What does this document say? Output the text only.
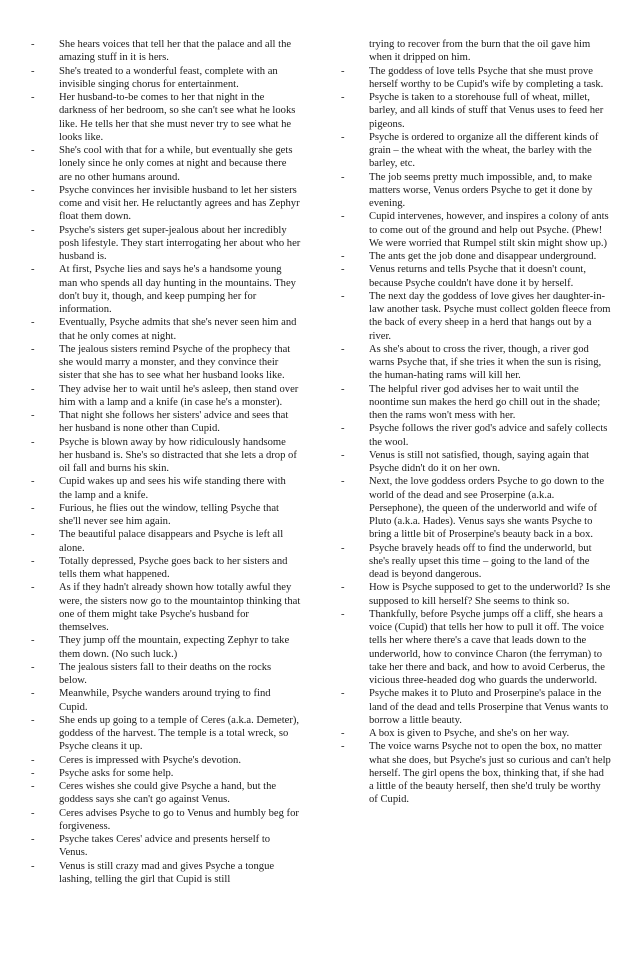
- She hears voices that tell her that the palace and all the amazing stuff in it is hers.
- She's treated to a wonderful feast, complete with an invisible singing chorus for entertainment.
- Her husband-to-be comes to her that night in the darkness of her bedroom, so she can't see what he looks like. He tells her that she must never try to see what he looks like.
- She's cool with that for a while, but eventually she gets lonely since he only comes at night and because there are no other humans around.
- Psyche convinces her invisible husband to let her sisters come and visit her. He reluctantly agrees and has Zephyr float them down.
- Psyche's sisters get super-jealous about her incredibly posh lifestyle. They start interrogating her about who her husband is.
- At first, Psyche lies and says he's a handsome young man who spends all day hunting in the mountains. They don't buy it, though, and keep pumping her for information.
- Eventually, Psyche admits that she's never seen him and that he only comes at night.
- The jealous sisters remind Psyche of the prophecy that she would marry a monster, and they convince their sister that she has to see what her husband looks like.
- They advise her to wait until he's asleep, then stand over him with a lamp and a knife (in case he's a monster).
- That night she follows her sisters' advice and sees that her husband is none other than Cupid.
- Psyche is blown away by how ridiculously handsome her husband is. She's so distracted that she lets a drop of oil fall and burns his skin.
- Cupid wakes up and sees his wife standing there with the lamp and a knife.
- Furious, he flies out the window, telling Psyche that she'll never see him again.
- The beautiful palace disappears and Psyche is left all alone.
- Totally depressed, Psyche goes back to her sisters and tells them what happened.
- As if they hadn't already shown how totally awful they were, the sisters now go to the mountaintop thinking that one of them might take Psyche's husband for themselves.
- They jump off the mountain, expecting Zephyr to take them down. (No such luck.)
- The jealous sisters fall to their deaths on the rocks below.
- Meanwhile, Psyche wanders around trying to find Cupid.
- She ends up going to a temple of Ceres (a.k.a. Demeter), goddess of the harvest. The temple is a total wreck, so Psyche cleans it up.
- Ceres is impressed with Psyche's devotion.
- Psyche asks for some help.
- Ceres wishes she could give Psyche a hand, but the goddess says she can't go against Venus.
- Ceres advises Psyche to go to Venus and humbly beg for forgiveness.
- Psyche takes Ceres' advice and presents herself to Venus.
- Venus is still crazy mad and gives Psyche a tongue lashing, telling the girl that Cupid is still
trying to recover from the burn that the oil gave him when it dripped on him.
- The goddess of love tells Psyche that she must prove herself worthy to be Cupid's wife by completing a task.
- Psyche is taken to a storehouse full of wheat, millet, barley, and all kinds of stuff that Venus uses to feed her pigeons.
- Psyche is ordered to organize all the different kinds of grain – the wheat with the wheat, the barley with the barley, etc.
- The job seems pretty much impossible, and, to make matters worse, Venus orders Psyche to get it done by evening.
- Cupid intervenes, however, and inspires a colony of ants to come out of the ground and help out Psyche. (Phew! We were worried that Rumpel stilt skin might show up.)
- The ants get the job done and disappear underground.
- Venus returns and tells Psyche that it doesn't count, because Psyche couldn't have done it by herself.
- The next day the goddess of love gives her daughter-in-law another task. Psyche must collect golden fleece from the back of every sheep in a herd that hangs out by a river.
- As she's about to cross the river, though, a river god warns Psyche that, if she tries it when the sun is rising, the human-hating rams will kill her.
- The helpful river god advises her to wait until the noontime sun makes the herd go chill out in the shade; then the rams won't mess with her.
- Psyche follows the river god's advice and safely collects the wool.
- Venus is still not satisfied, though, saying again that Psyche didn't do it on her own.
- Next, the love goddess orders Psyche to go down to the world of the dead and see Proserpine (a.k.a. Persephone), the queen of the underworld and wife of Pluto (a.k.a. Hades). Venus says she wants Psyche to bring a little bit of Proserpine's beauty back in a box.
- Psyche bravely heads off to find the underworld, but she's really upset this time – going to the land of the dead is beyond dangerous.
- How is Psyche supposed to get to the underworld? Is she supposed to kill herself? She seems to think so.
- Thankfully, before Psyche jumps off a cliff, she hears a voice (Cupid) that tells her how to pull it off. The voice tells her where there's a cave that leads down to the underworld, how to convince Charon (the ferryman) to take her there and back, and how to avoid Cerberus, the vicious three-headed dog who guards the underworld.
- Psyche makes it to Pluto and Proserpine's palace in the land of the dead and tells Proserpine that Venus wants to borrow a little beauty.
- A box is given to Psyche, and she's on her way.
- The voice warns Psyche not to open the box, no matter what she does, but Psyche's just so curious and can't help herself. The girl opens the box, thinking that, if she had a little of the beauty herself, then she'd truly be worthy of Cupid.
